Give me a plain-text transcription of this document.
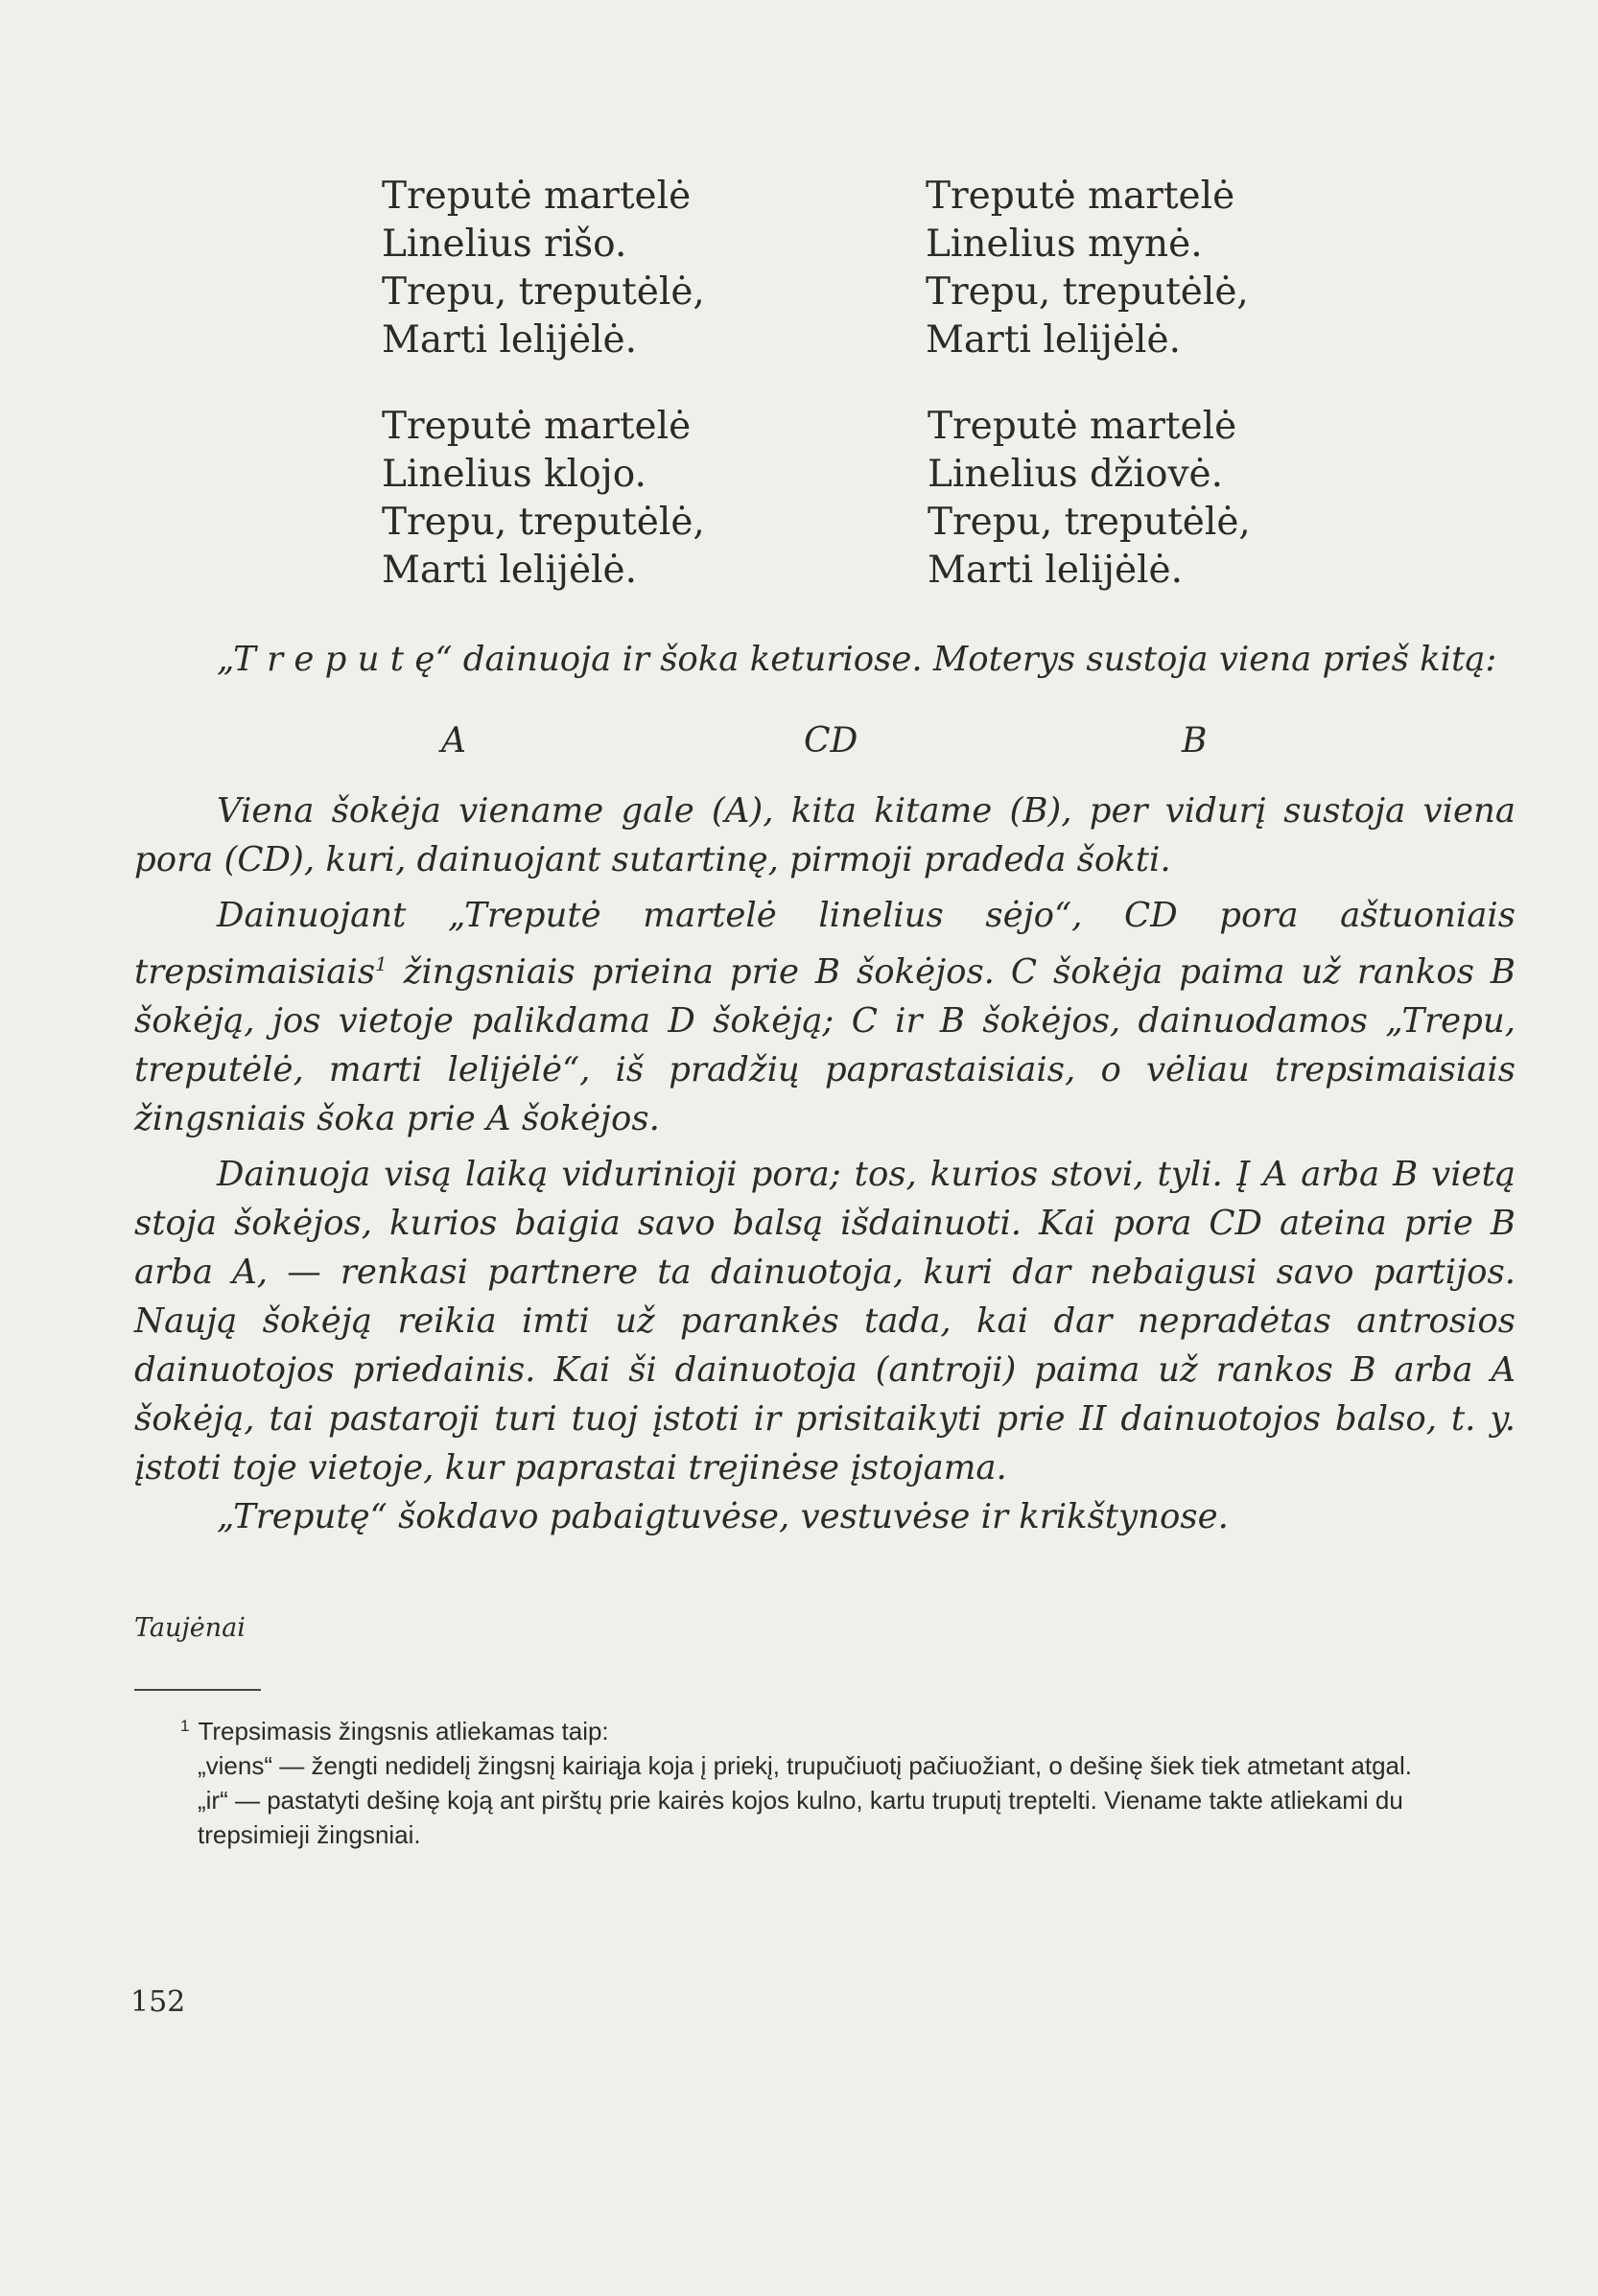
Treputė martelė
Linelius rišo.
Trepu, treputėlė,
Marti lelijėlė.
Treputė martelė
Linelius mynė.
Trepu, treputėlė,
Marti lelijėlė.
Treputė martelė
Linelius klojo.
Trepu, treputėlė,
Marti lelijėlė.
Treputė martelė
Linelius džiovė.
Trepu, treputėlė,
Marti lelijėlė.

„T r e p u t ę“ dainuoja ir šoka keturiose. Moterys sustoja viena prieš kitą:

A	CD	B

Viena šokėja viename gale (A), kita kitame (B), per vidurį sustoja viena pora (CD), kuri, dainuojant sutartinę, pirmoji pradeda šokti.

Dainuojant „Treputė martelė linelius sėjo“, CD pora aštuoniais trepsimaisiais$^1$ žingsniais prieina prie B šokėjos. C šokėja paima už rankos B šokėją, jos vietoje palikdama D šokėją; C ir B šokėjos, dainuodamos „Trepu, treputėlė, marti lelijėlė“, iš pradžių paprastaisiais, o vėliau trepsimaisiais žingsniais šoka prie A šokėjos.

Dainuoja visą laiką vidurinioji pora; tos, kurios stovi, tyli. Į A arba B vietą stoja šokėjos, kurios baigia savo balsą išdainuoti. Kai pora CD ateina prie B arba A, — renkasi partnere ta dainuotoja, kuri dar nebaigusi savo partijos. Naują šokėją reikia imti už parankės tada, kai dar nepradėtas antrosios dainuotojos priedainis. Kai ši dainuotoja (antroji) paima už rankos B arba A šokėją, tai pastaroji turi tuoj įstoti ir prisitaikyti prie II dainuotojos balso, t. y. įstoti toje vietoje, kur paprastai trejinėse įstojama.

„Treputę“ šokdavo pabaigtuvėse, vestuvėse ir krikštynose.

Taujėnai

$^1$ Trepsimasis žingsnis atliekamas taip:

„viens“ — žengti nedidelį žingsnį kairiąja koja į priekį, trupučiuotį pačiuožiant, o dešinę šiek tiek atmetant atgal.

„ir“ — pastatyti dešinę koją ant pirštų prie kairės kojos kulno, kartu truputį treptelti. Viename takte atliekami du trepsimieji žingsniai.

152
